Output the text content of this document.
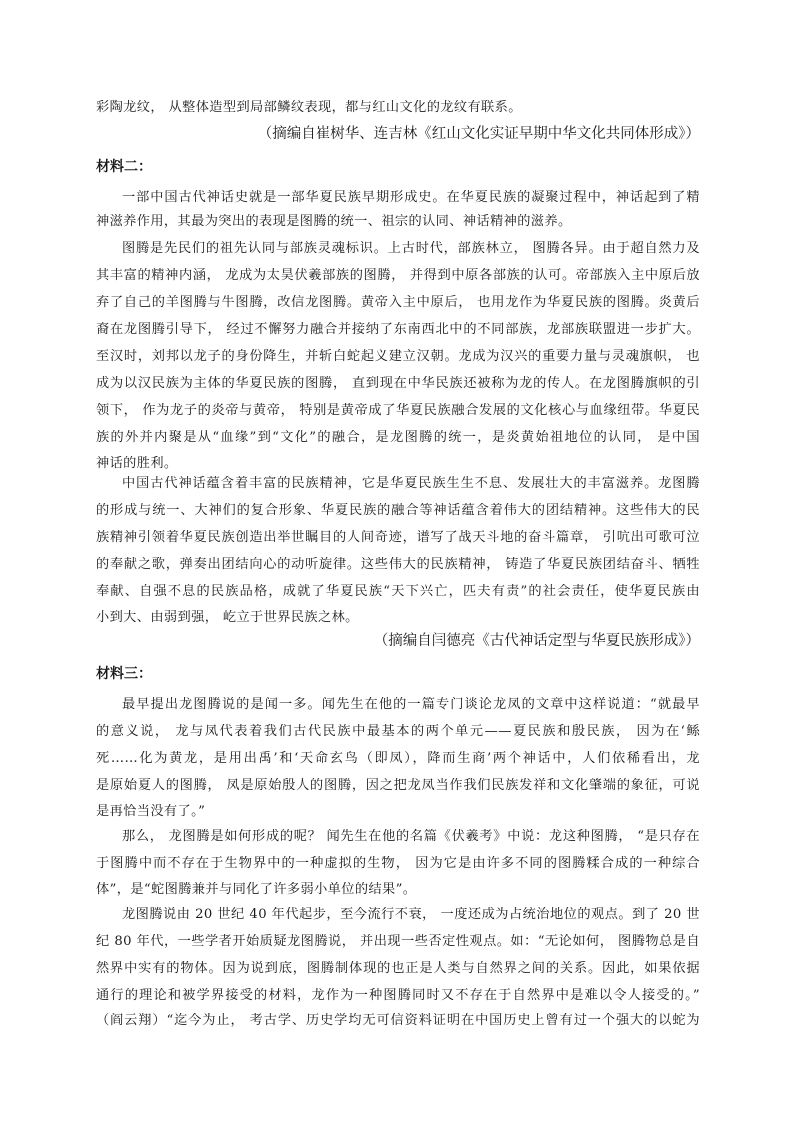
彩陶龙纹， 从整体造型到局部鳞纹表现，都与红山文化的龙纹有联系。
（摘编自崔树华、连吉林《红山文化实证早期中华文化共同体形成》）
材料二：
一部中国古代神话史就是一部华夏民族早期形成史。在华夏民族的凝聚过程中，神话起到了精
神滋养作用，其最为突出的表现是图腾的统一、祖宗的认同、神话精神的滋养。
图腾是先民们的祖先认同与部族灵魂标识。上古时代，部族林立， 图腾各异。由于超自然力及
其丰富的精神内涵， 龙成为太昊伏羲部族的图腾， 并得到中原各部族的认可。帝部族入主中原后放
弃了自己的羊图腾与牛图腾，改信龙图腾。黄帝入主中原后， 也用龙作为华夏民族的图腾。炎黄后
裔在龙图腾引导下， 经过不懈努力融合并接纳了东南西北中的不同部族，龙部族联盟进一步扩大。
至汉时，刘邦以龙子的身份降生，并斩白蛇起义建立汉朝。龙成为汉兴的重要力量与灵魂旗帜， 也
成为以汉民族为主体的华夏民族的图腾， 直到现在中华民族还被称为龙的传人。在龙图腾旗帜的引
领下， 作为龙子的炎帝与黄帝， 特别是黄帝成了华夏民族融合发展的文化核心与血缘纽带。华夏民
族的外并内聚是从“血缘”到“文化”的融合，是龙图腾的统一，是炎黄始祖地位的认同， 是中国
神话的胜利。
中国古代神话蕴含着丰富的民族精神，它是华夏民族生生不息、发展壮大的丰富滋养。龙图腾
的形成与统一、大神们的复合形象、华夏民族的融合等神话蕴含着伟大的团结精神。这些伟大的民
族精神引领着华夏民族创造出举世瞩目的人间奇迹，谱写了战天斗地的奋斗篇章， 引吭出可歌可泣
的奉献之歌，弹奏出团结向心的动听旋律。这些伟大的民族精神， 铸造了华夏民族团结奋斗、牺牲
奉献、自强不息的民族品格，成就了华夏民族“天下兴亡，匹夫有责”的社会责任，使华夏民族由
小到大、由弱到强， 屹立于世界民族之林。
（摘编自闫德亮《古代神话定型与华夏民族形成》）
材料三：
最早提出龙图腾说的是闻一多。闻先生在他的一篇专门谈论龙凤的文章中这样说道：“就最早
的意义说， 龙与凤代表着我们古代民族中最基本的两个单元——夏民族和殷民族， 因为在‘鲧
死……化为黄龙，是用出禹’和‘天命玄鸟（即凤），降而生商’两个神话中，人们依稀看出，龙
是原始夏人的图腾， 凤是原始殷人的图腾，因之把龙凤当作我们民族发祥和文化肇端的象征，可说
是再恰当没有了。”
那么， 龙图腾是如何形成的呢？ 闻先生在他的名篇《伏羲考》中说：龙这种图腾， “是只存在
于图腾中而不存在于生物界中的一种虚拟的生物， 因为它是由许多不同的图腾糅合成的一种综合
体”，是“蛇图腾兼并与同化了许多弱小单位的结果”。
龙图腾说由 20 世纪 40 年代起步，至今流行不衰， 一度还成为占统治地位的观点。到了 20 世
纪 80 年代，一些学者开始质疑龙图腾说， 并出现一些否定性观点。如：“无论如何， 图腾物总是自
然界中实有的物体。因为说到底，图腾制体现的也正是人类与自然界之间的关系。因此，如果依据
通行的理论和被学界接受的材料，龙作为一种图腾同时又不存在于自然界中是难以令人接受的。”
（阎云翔）“迄今为止， 考古学、历史学均无可信资料证明在中国历史上曾有过一个强大的以蛇为
